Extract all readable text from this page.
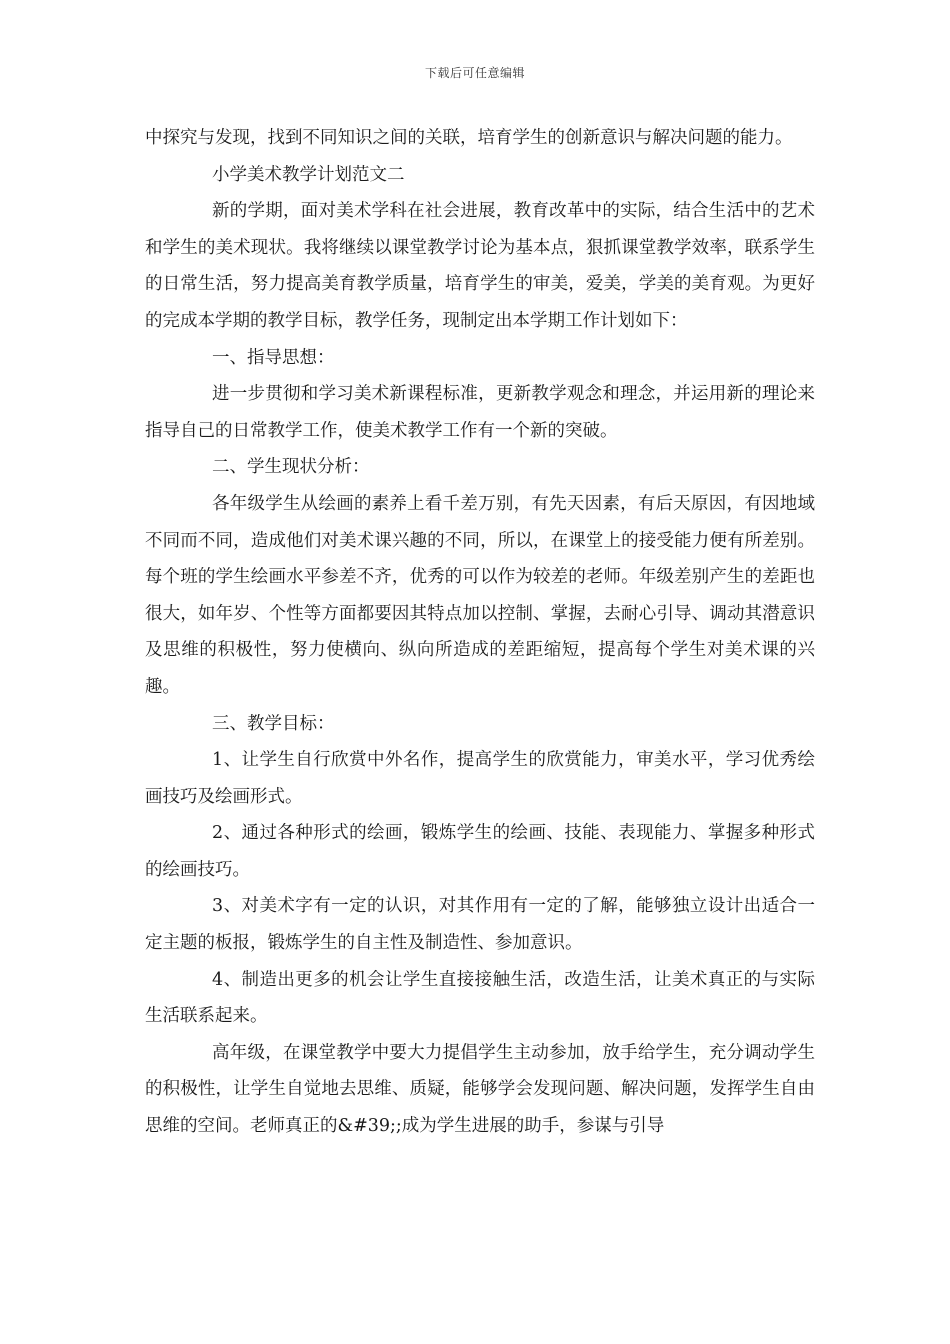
下载后可任意编辑

中探究与发现，找到不同知识之间的关联，培育学生的创新意识与解决问题的能力。

小学美术教学计划范文二

新的学期，面对美术学科在社会进展，教育改革中的实际，结合生活中的艺术和学生的美术现状。我将继续以课堂教学讨论为基本点，狠抓课堂教学效率，联系学生的日常生活，努力提高美育教学质量，培育学生的审美，爱美，学美的美育观。为更好的完成本学期的教学目标，教学任务，现制定出本学期工作计划如下：

一、指导思想：

进一步贯彻和学习美术新课程标准，更新教学观念和理念，并运用新的理论来指导自己的日常教学工作，使美术教学工作有一个新的突破。

二、学生现状分析：

各年级学生从绘画的素养上看千差万别，有先天因素，有后天原因，有因地域不同而不同，造成他们对美术课兴趣的不同，所以，在课堂上的接受能力便有所差别。每个班的学生绘画水平参差不齐，优秀的可以作为较差的老师。年级差别产生的差距也很大，如年岁、个性等方面都要因其特点加以控制、掌握，去耐心引导、调动其潜意识及思维的积极性，努力使横向、纵向所造成的差距缩短，提高每个学生对美术课的兴趣。

三、教学目标：

1、让学生自行欣赏中外名作，提高学生的欣赏能力，审美水平，学习优秀绘画技巧及绘画形式。

2、通过各种形式的绘画，锻炼学生的绘画、技能、表现能力、掌握多种形式的绘画技巧。

3、对美术字有一定的认识，对其作用有一定的了解，能够独立设计出适合一定主题的板报，锻炼学生的自主性及制造性、参加意识。

4、制造出更多的机会让学生直接接触生活，改造生活，让美术真正的与实际生活联系起来。

高年级，在课堂教学中要大力提倡学生主动参加，放手给学生，充分调动学生的积极性，让学生自觉地去思维、质疑，能够学会发现问题、解决问题，发挥学生自由思维的空间。老师真正的&#39;;成为学生进展的助手，参谋与引导
